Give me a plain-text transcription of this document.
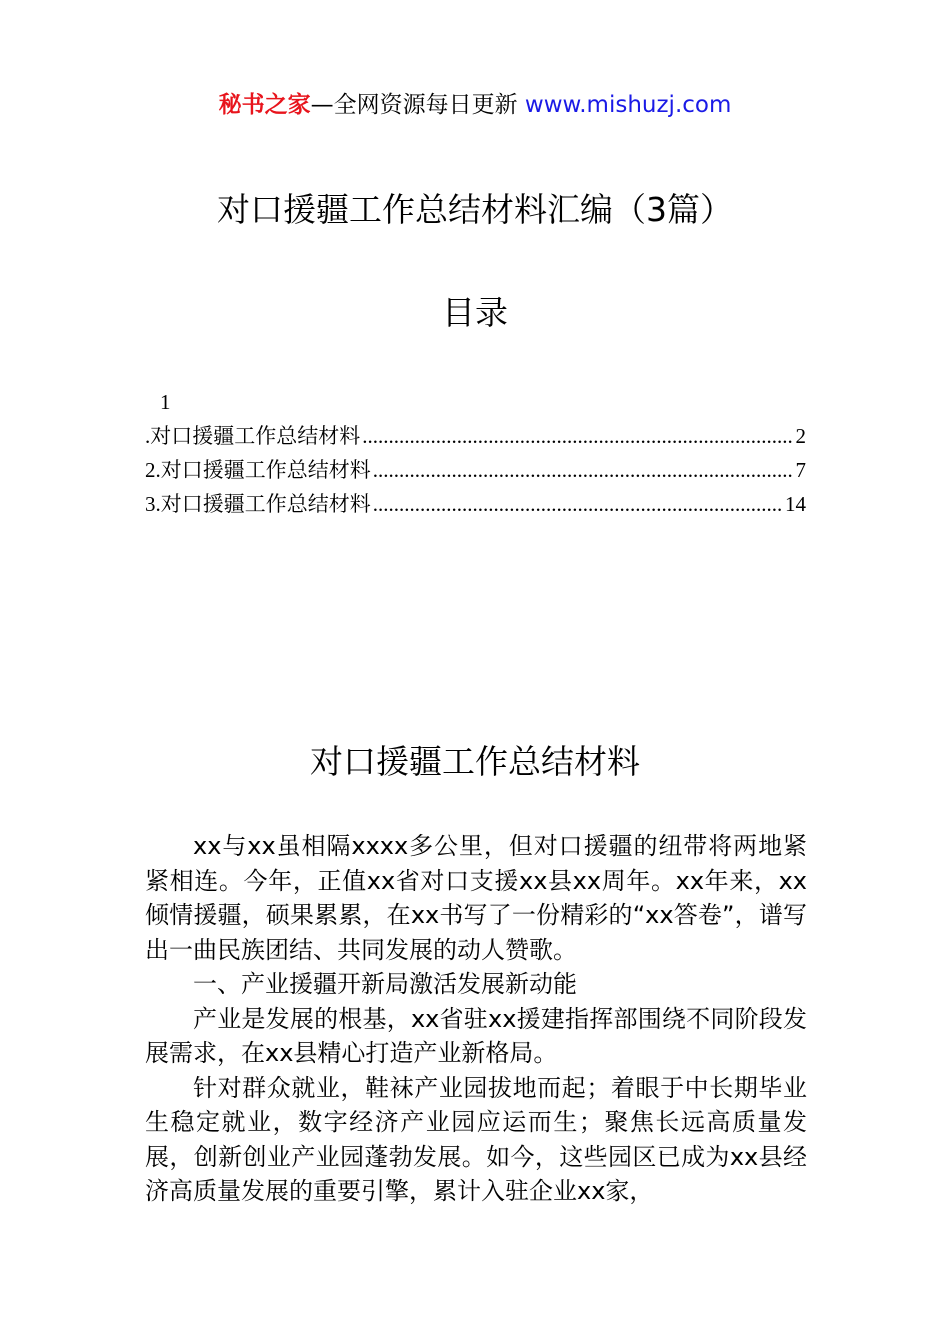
秘书之家—全网资源每日更新 www.mishuzj.com
对口援疆工作总结材料汇编（3篇）
目录
1
. 对口援疆工作总结材料 .....	2
2. 对口援疆工作总结材料 .....	7
3. 对口援疆工作总结材料 .....	14
对口援疆工作总结材料

xx与xx虽相隔xxxx多公里，但对口援疆的纽带将两地紧紧相连。今年，正值xx省对口支援xx县xx周年。xx年来，xx倾情援疆，硕果累累，在xx书写了一份精彩的“xx答卷”，谱写出一曲民族团结、共同发展的动人赞歌。

一、产业援疆开新局激活发展新动能

产业是发展的根基，xx省驻xx援建指挥部围绕不同阶段发展需求，在xx县精心打造产业新格局。

针对群众就业，鞋袜产业园拔地而起；着眼于中长期毕业生稳定就业，数字经济产业园应运而生；聚焦长远高质量发展，创新创业产业园蓬勃发展。如今，这些园区已成为xx县经济高质量发展的重要引擎，累计入驻企业xx家，
